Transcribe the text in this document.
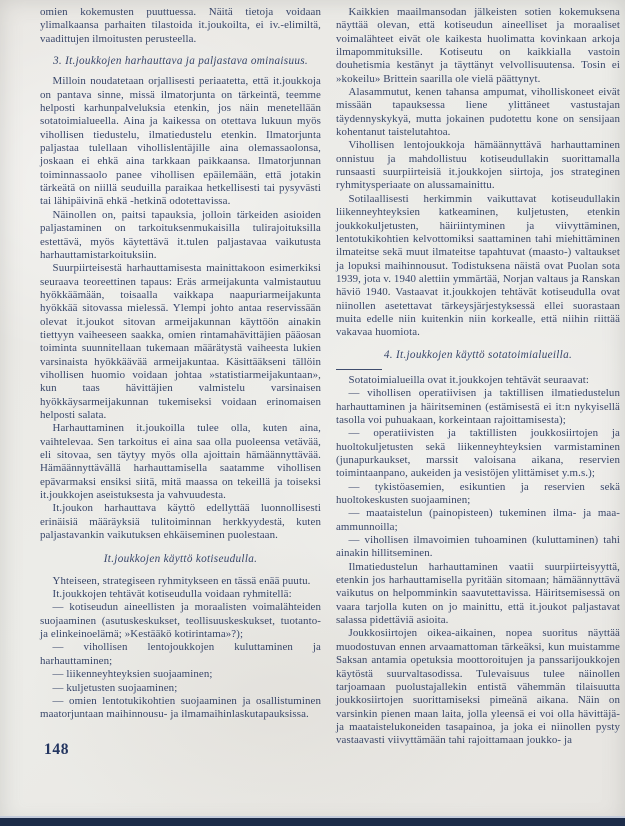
omien kokemusten puuttuessa. Näitä tietoja voidaan ylimalkaansa parhaiten tilastoida it.joukoilta, ei iv.-elimiltä, vaadittujen ilmoitusten perusteella.

3. It.joukkojen harhauttava ja paljastava ominaisuus.

Milloin noudatetaan orjallisesti periaatetta, että it.joukkoja on pantava sinne, missä ilmatorjunta on tärkeintä, teemme helposti karhunpalveluksia etenkin, jos näin menetellään sotatoimialueella. Aina ja kaikessa on otettava lukuun myös vihollisen tiedustelu, ilmatiedustelu etenkin. Ilmatorjunta paljastaa tulellaan vihollislentäjille aina olemassaolonsa, joskaan ei ehkä aina tarkkaan paikkaansa. Ilmatorjunnan toiminnassaolo panee vihollisen epäilemään, että jotakin tärkeätä on niillä seuduilla paraikaa hetkellisesti tai pysyvästi tai lähipäivinä ehkä -hetkinä odotettavissa.

Näinollen on, paitsi tapauksia, jolloin tärkeiden asioiden paljastaminen on tarkoituksenmukaisilla tulirajoituksilla estettävä, myös käytettävä it.tulen paljastavaa vaikutusta harhauttamistarkoituksiin.

Suurpiirteisestä harhauttamisesta mainittakoon esimerkiksi seuraava teoreettinen tapaus: Eräs armeijakunta valmistautuu hyökkäämään, toisaalla vaikkapa naapuriarmeijakunta hyökkää sitovassa mielessä. Ylempi johto antaa reservissään olevat it.joukot sitovan armeijakunnan käyttöön ainakin tiettyyn vaiheeseen saakka, omien rintamahävittäjien pääosan toiminta suunnitellaan tukemaan määrätystä vaiheesta lukien varsinaista hyökkäävää armeijakuntaa. Käsittääkseni tällöin vihollisen huomio voidaan johtaa »statistiarmeijakuntaan», kun taas hävittäjien valmistelu varsinaisen hyökkäysarmeijakunnan tukemiseksi voidaan erinomaisen helposti salata.

Harhauttaminen it.joukoilla tulee olla, kuten aina, vaihtelevaa. Sen tarkoitus ei aina saa olla puoleensa vetävää, eli sitovaa, sen täytyy myös olla ajoittain hämäännyttävää. Hämäännyttävällä harhauttamisella saatamme vihollisen epävarmaksi ensiksi siitä, mitä maassa on tekeillä ja toiseksi it.joukkojen aseistuksesta ja vahvuudesta.

It.joukon harhauttava käyttö edellyttää luonnollisesti erinäisiä määräyksiä tulitoiminnan herkkyydestä, kuten paljastavankin vaikutuksen ehkäiseminen puolestaan.

It.joukkojen käyttö kotiseudulla.

Yhteiseen, strategiseen ryhmitykseen en tässä enää puutu.

It.joukkojen tehtävät kotiseudulla voidaan ryhmitellä:

— kotiseudun aineellisten ja moraalisten voimalähteiden suojaaminen (asutuskeskukset, teollisuuskeskukset, tuotanto- ja elinkeinoelämä; »Kestääkö kotirintama»?);

— vihollisen lentojoukkojen kuluttaminen ja harhauttaminen;

— liikenneyhteyksien suojaaminen;

— kuljetusten suojaaminen;

— omien lentotukikohtien suojaaminen ja osallistuminen maatorjuntaan maihinnousu- ja ilmamaihinlaskutapauksissa.

Kaikkien maailmansodan jälkeisten sotien kokemuksena näyttää olevan, että kotiseudun aineelliset ja moraaliset voimalähteet eivät ole kaikesta huolimatta kovinkaan arkoja ilmapommituksille. Kotiseutu on kaikkialla vastoin douhetismia kestänyt ja täyttänyt velvollisuutensa. Tosin ei »kokeilu» Brittein saarilla ole vielä päättynyt.

Alasammutut, kenen tahansa ampumat, viholliskoneet eivät missään tapauksessa liene ylittäneet vastustajan täydennyskykyä, mutta jokainen pudotettu kone on sensijaan kohentanut taistelutahtoa.

Vihollisen lentojoukkoja hämäännyttävä harhauttaminen onnistuu ja mahdollistuu kotiseudullakin suorittamalla runsaasti suurpiirteisiä it.joukkojen siirtoja, jos strateginen ryhmitysperiaate on alussamainittu.

Sotilaallisesti herkimmin vaikuttavat kotiseudullakin liikenneyhteyksien katkeaminen, kuljetusten, etenkin joukkokuljetusten, häiriintyminen ja viivyttäminen, lentotukikohtien kelvottomiksi saattaminen tahi miehittäminen ilmateitse sekä muut ilmateitse tapahtuvat (maasto-) valtaukset ja lopuksi maihinnousut. Todistuksena näistä ovat Puolan sota 1939, jota v. 1940 alettiin ymmärtää, Norjan valtaus ja Ranskan häviö 1940. Vastaavat it.joukkojen tehtävät kotiseudulla ovat niinollen asetettavat tärkeysjärjestyksessä ellei suorastaan muita edelle niin kuitenkin niin korkealle, että niihin riittää vakavaa huomiota.

4. It.joukkojen käyttö sotatoimialueilla.

Sotatoimialueilla ovat it.joukkojen tehtävät seuraavat:

— vihollisen operatiivisen ja taktillisen ilmatiedustelun harhauttaminen ja häiritseminen (estämisestä ei it:n nykyisellä tasolla voi puhuakaan, korkeintaan rajoittamisesta);

— operatiivisten ja taktillisten joukkosiirtojen ja huoltokuljetusten sekä liikenneyhteyksien varmistaminen (junapurkaukset, marssit valoisana aikana, reservien toimintaanpano, aukeiden ja vesistöjen ylittämiset y.m.s.);

— tykistöasemien, esikuntien ja reservien sekä huoltokeskusten suojaaminen;

— maataistelun (painopisteen) tukeminen ilma- ja maa-ammunnoilla;

— vihollisen ilmavoimien tuhoaminen (kuluttaminen) tahi ainakin hillitseminen.

Ilmatiedustelun harhauttaminen vaatii suurpiirteisyyttä, etenkin jos harhauttamisella pyritään sitomaan; hämäännyttävä vaikutus on helpomminkin saavutettavissa. Häiritsemisessä on vaara tarjolla kuten on jo mainittu, että it.joukot paljastavat salassa pidettäviä asioita.

Joukkosiirtojen oikea-aikainen, nopea suoritus näyttää muodostuvan ennen arvaamattoman tärkeäksi, kun muistamme Saksan antamia opetuksia moottoroitujen ja panssarijoukkojen käytöstä suurvaltasodissa. Tulevaisuus tulee näinollen tarjoamaan puolustajallekin entistä vähemmän tilaisuutta joukkosiirtojen suorittamiseksi pimeänä aikana. Näin on varsinkin pienen maan laita, jolla yleensä ei voi olla hävittäjä- ja maataistelukoneiden tasapainoa, ja joka ei niinollen pysty vastaavasti viivyttämään tahi rajoittamaan joukko- ja

148
